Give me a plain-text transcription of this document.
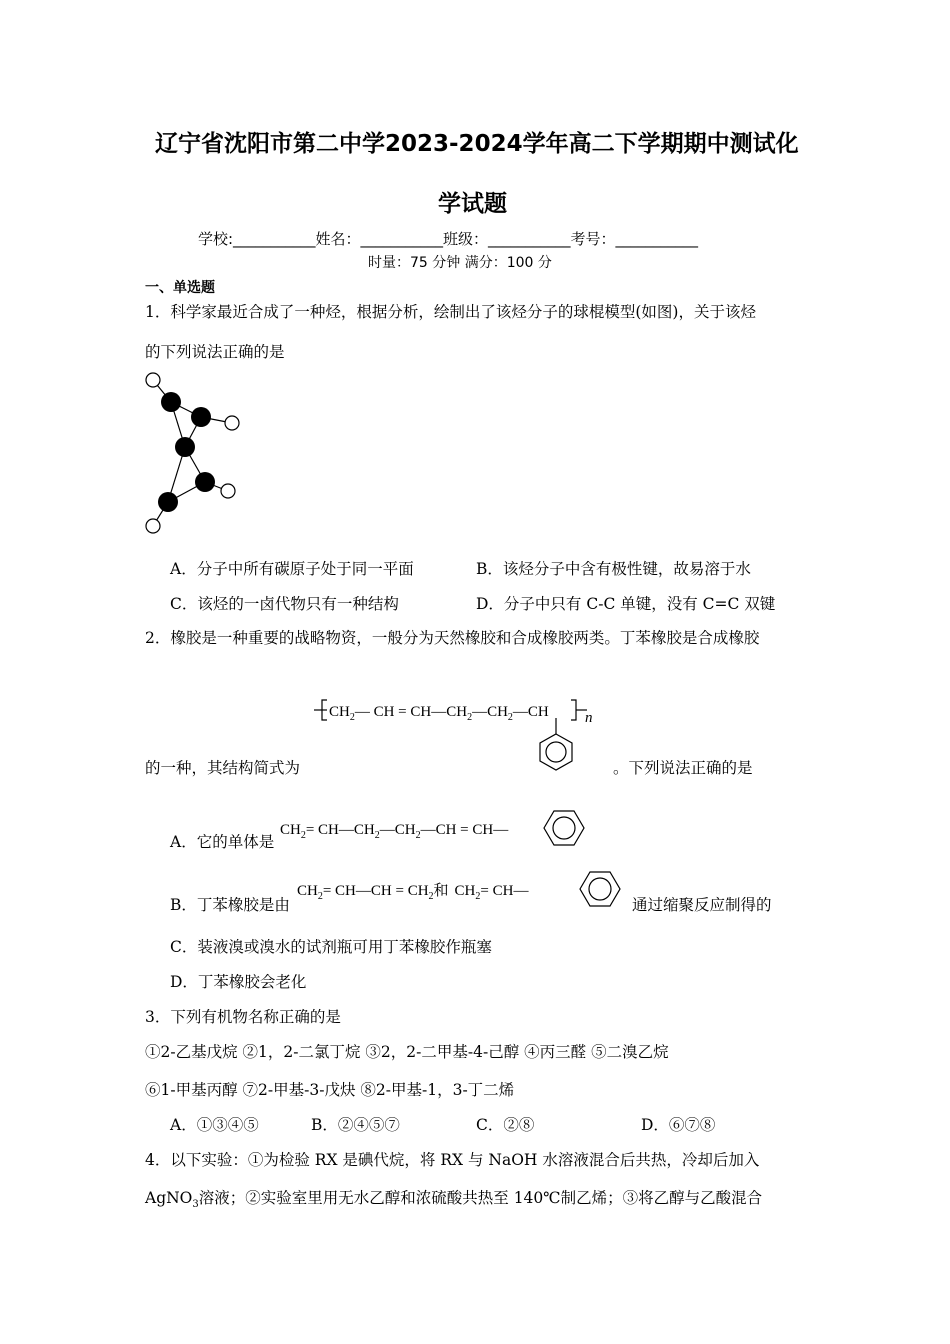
辽宁省沈阳市第二中学2023-2024学年高二下学期期中测试化
学试题
学校:___________姓名：___________班级：___________考号：___________
时量：75 分钟 满分：100 分
一、单选题
1．科学家最近合成了一种烃，根据分析，绘制出了该烃分子的球棍模型(如图)，关于该烃
的下列说法正确的是
A．分子中所有碳原子处于同一平面	B．该烃分子中含有极性键，故易溶于水
C．该烃的一卤代物只有一种结构	D．分子中只有 C-C 单键，没有 C=C 双键
2．橡胶是一种重要的战略物资，一般分为天然橡胶和合成橡胶两类。丁苯橡胶是合成橡胶
$CH_2—$ CH = $CH—CH_2—CH_2—CH$ n
的一种，其结构简式为	。下列说法正确的是
A．它的单体是
$CH_2=$ $CH—CH_2—CH_2—CH$ = CH—
B．丁苯橡胶是由
$CH_2=$ CH—CH = $CH_2$和 $CH_2=$ CH—
通过缩聚反应制得的
C．装液溴或溴水的试剂瓶可用丁苯橡胶作瓶塞
D．丁苯橡胶会老化
3．下列有机物名称正确的是
①2-乙基戊烷 ②1，2-二氯丁烷 ③2，2-二甲基-4-己醇 ④丙三醛 ⑤二溴乙烷
⑥1-甲基丙醇 ⑦2-甲基-3-戊炔 ⑧2-甲基-1，3-丁二烯
A．①③④⑤	B．②④⑤⑦	C．②⑧	D．⑥⑦⑧
4．以下实验：①为检验 RX 是碘代烷，将 RX 与 NaOH 水溶液混合后共热，冷却后加入
AgNO$_3$溶液；②实验室里用无水乙醇和浓硫酸共热至 140℃制乙烯；③将乙醇与乙酸混合
